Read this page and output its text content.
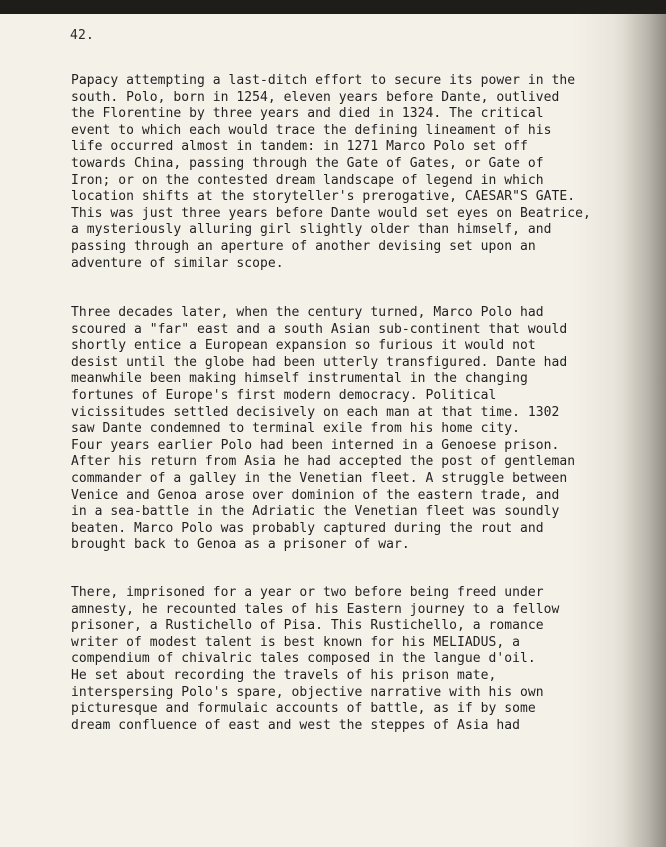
42.

Papacy attempting a last-ditch effort to secure its power in the
south. Polo, born in 1254, eleven years before Dante, outlived
the Florentine by three years and died in 1324. The critical
event to which each would trace the defining lineament of his
life occurred almost in tandem: in 1271 Marco Polo set off
towards China, passing through the Gate of Gates, or Gate of
Iron; or on the contested dream landscape of legend in which
location shifts at the storyteller's prerogative, CAESAR"S GATE.
This was just three years before Dante would set eyes on Beatrice,
a mysteriously alluring girl slightly older than himself, and
passing through an aperture of another devising set upon an
adventure of similar scope.

Three decades later, when the century turned, Marco Polo had
scoured a "far" east and a south Asian sub-continent that would
shortly entice a European expansion so furious it would not
desist until the globe had been utterly transfigured. Dante had
meanwhile been making himself instrumental in the changing
fortunes of Europe's first modern democracy. Political
vicissitudes settled decisively on each man at that time. 1302
saw Dante condemned to terminal exile from his home city.
Four years earlier Polo had been interned in a Genoese prison.
After his return from Asia he had accepted the post of gentleman
commander of a galley in the Venetian fleet. A struggle between
Venice and Genoa arose over dominion of the eastern trade, and
in a sea-battle in the Adriatic the Venetian fleet was soundly
beaten. Marco Polo was probably captured during the rout and
brought back to Genoa as a prisoner of war.

There, imprisoned for a year or two before being freed under
amnesty, he recounted tales of his Eastern journey to a fellow
prisoner, a Rustichello of Pisa. This Rustichello, a romance
writer of modest talent is best known for his MELIADUS, a
compendium of chivalric tales composed in the langue d'oil.
He set about recording the travels of his prison mate,
interspersing Polo's spare, objective narrative with his own
picturesque and formulaic accounts of battle, as if by some
dream confluence of east and west the steppes of Asia had
